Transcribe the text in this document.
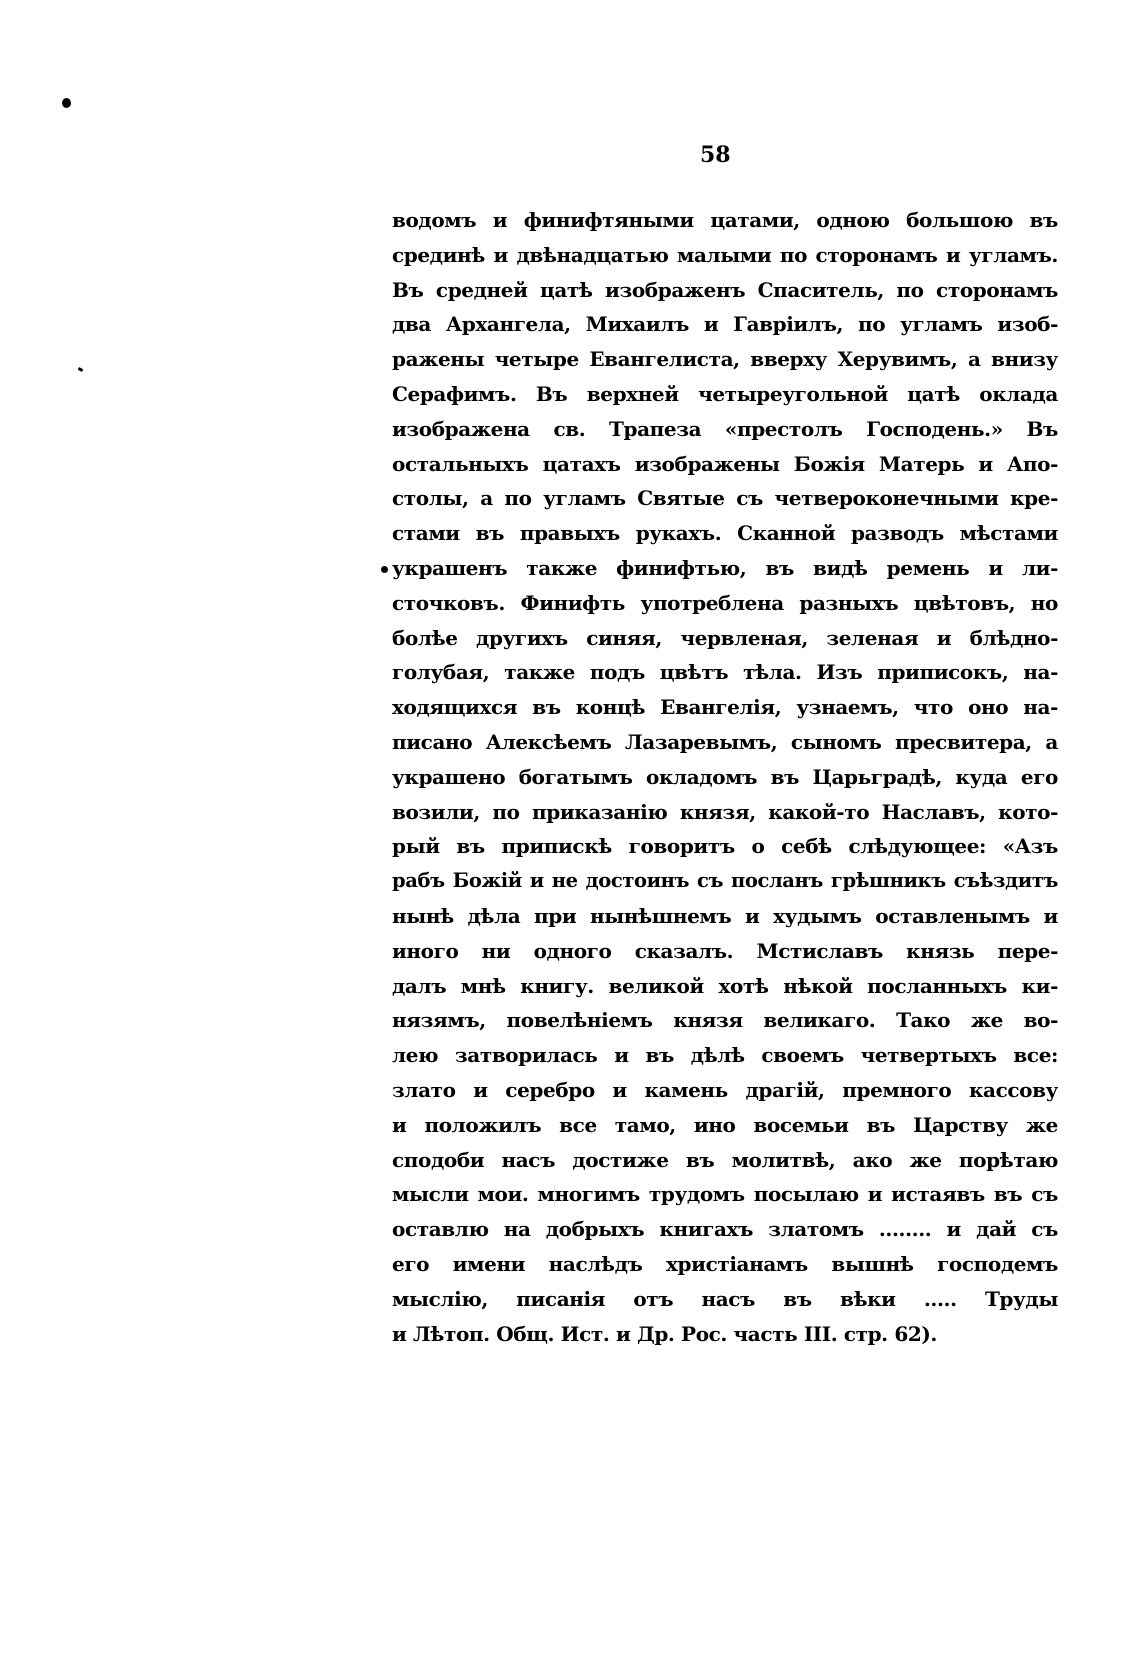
58
водомъ и финифтяными цатами, одною большою въ
срединѣ и двѣнадцатью малыми по сторонамъ и угламъ.
Въ средней цатѣ изображенъ Спаситель, по сторонамъ
два Архангела, Михаилъ и Гавріилъ, по угламъ изоб-
ражены четыре Евангелиста, вверху Херувимъ, а внизу
Серафимъ. Въ верхней четыреугольной цатѣ оклада
изображена св. Трапеза «престолъ Господень.» Въ
остальныхъ цатахъ изображены Божія Матерь и Апо-
столы, а по угламъ Святые съ четвероконечными кре-
стами въ правыхъ рукахъ. Сканной разводъ мѣстами
украшенъ также финифтью, въ видѣ ремень и ли-
сточковъ. Финифть употреблена разныхъ цвѣтовъ, но
болѣе другихъ синяя, червленая, зеленая и блѣдно-
голубая, также подъ цвѣтъ тѣла. Изъ приписокъ, на-
ходящихся въ концѣ Евангелія, узнаемъ, что оно на-
писано Алексѣемъ Лазаревымъ, сыномъ пресвитера, а
украшено богатымъ окладомъ въ Царьградѣ, куда его
возили, по приказанію князя, какой-то Наславъ, кото-
рый въ припискѣ говоритъ о себѣ слѣдующее: «Азъ
рабъ Божій и не достоинъ съ посланъ грѣшникъ съѣздитъ
нынѣ дѣла при нынѣшнемъ и худымъ оставленымъ и
иного ни одного сказалъ. Мстиславъ князь пере-
далъ мнѣ книгу. великой хотѣ нѣкой посланныхъ ки-
нязямъ, повелѣніемъ князя великаго. Тако же во-
лею затворилась и въ дѣлѣ своемъ четвертыхъ все:
злато и серебро и камень драгій, премного кассову
и положилъ все тамо, ино восемьи въ Царству же
сподоби насъ достиже въ молитвѣ, ако же порѣтаю
мысли мои. многимъ трудомъ посылаю и истаявъ въ съ
оставлю на добрыхъ книгахъ златомъ ........ и дай съ
его имени наслѣдъ христіанамъ вышнѣ господемъ
мыслію, писанія отъ насъ въ вѣки ..... Труды
и Лѣтоп. Общ. Ист. и Др. Рос. часть III. стр. 62).
